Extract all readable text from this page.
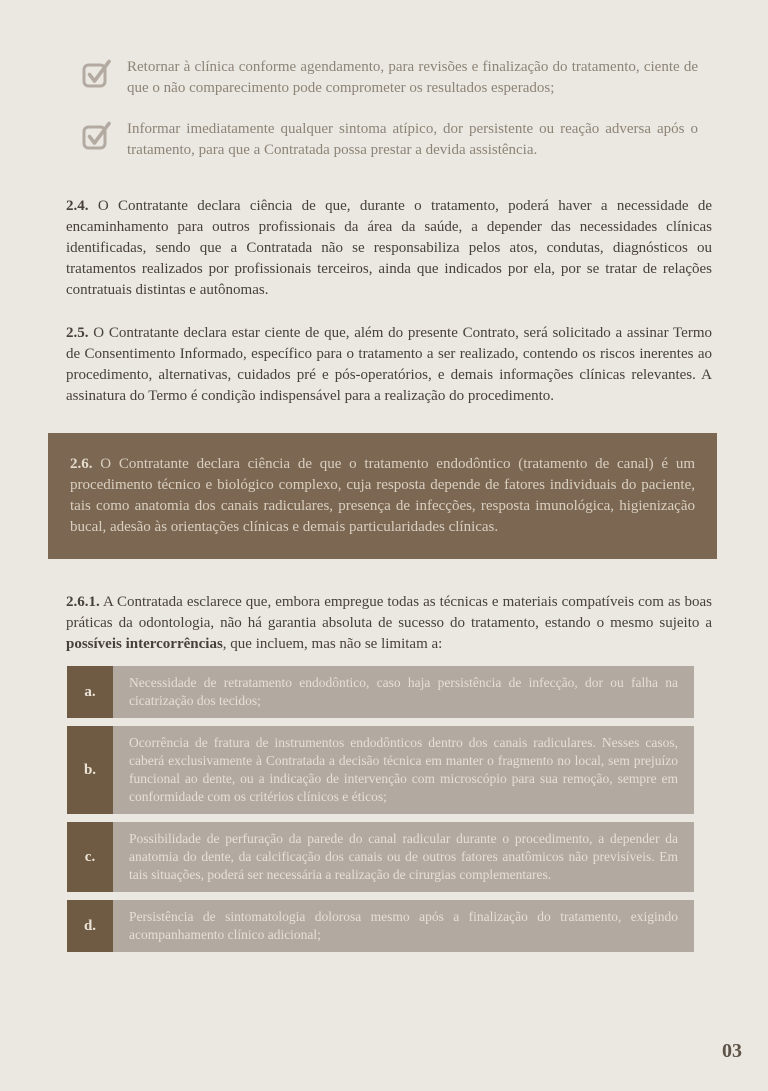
Retornar à clínica conforme agendamento, para revisões e finalização do tratamento, ciente de que o não comparecimento pode comprometer os resultados esperados;
Informar imediatamente qualquer sintoma atípico, dor persistente ou reação adversa após o tratamento, para que a Contratada possa prestar a devida assistência.

2.4. O Contratante declara ciência de que, durante o tratamento, poderá haver a necessidade de encaminhamento para outros profissionais da área da saúde, a depender das necessidades clínicas identificadas, sendo que a Contratada não se responsabiliza pelos atos, condutas, diagnósticos ou tratamentos realizados por profissionais terceiros, ainda que indicados por ela, por se tratar de relações contratuais distintas e autônomas.

2.5. O Contratante declara estar ciente de que, além do presente Contrato, será solicitado a assinar Termo de Consentimento Informado, específico para o tratamento a ser realizado, contendo os riscos inerentes ao procedimento, alternativas, cuidados pré e pós-operatórios, e demais informações clínicas relevantes. A assinatura do Termo é condição indispensável para a realização do procedimento.

2.6. O Contratante declara ciência de que o tratamento endodôntico (tratamento de canal) é um procedimento técnico e biológico complexo, cuja resposta depende de fatores individuais do paciente, tais como anatomia dos canais radiculares, presença de infecções, resposta imunológica, higienização bucal, adesão às orientações clínicas e demais particularidades clínicas.

2.6.1. A Contratada esclarece que, embora empregue todas as técnicas e materiais compatíveis com as boas práticas da odontologia, não há garantia absoluta de sucesso do tratamento, estando o mesmo sujeito a possíveis intercorrências, que incluem, mas não se limitam a:

a.
Necessidade de retratamento endodôntico, caso haja persistência de infecção, dor ou falha na cicatrização dos tecidos;
b.
Ocorrência de fratura de instrumentos endodônticos dentro dos canais radiculares. Nesses casos, caberá exclusivamente à Contratada a decisão técnica em manter o fragmento no local, sem prejuízo funcional ao dente, ou a indicação de intervenção com microscópio para sua remoção, sempre em conformidade com os critérios clínicos e éticos;
c.
Possibilidade de perfuração da parede do canal radicular durante o procedimento, a depender da anatomia do dente, da calcificação dos canais ou de outros fatores anatômicos não previsíveis. Em tais situações, poderá ser necessária a realização de cirurgias complementares.
d.
Persistência de sintomatologia dolorosa mesmo após a finalização do tratamento, exigindo acompanhamento clínico adicional;
03
